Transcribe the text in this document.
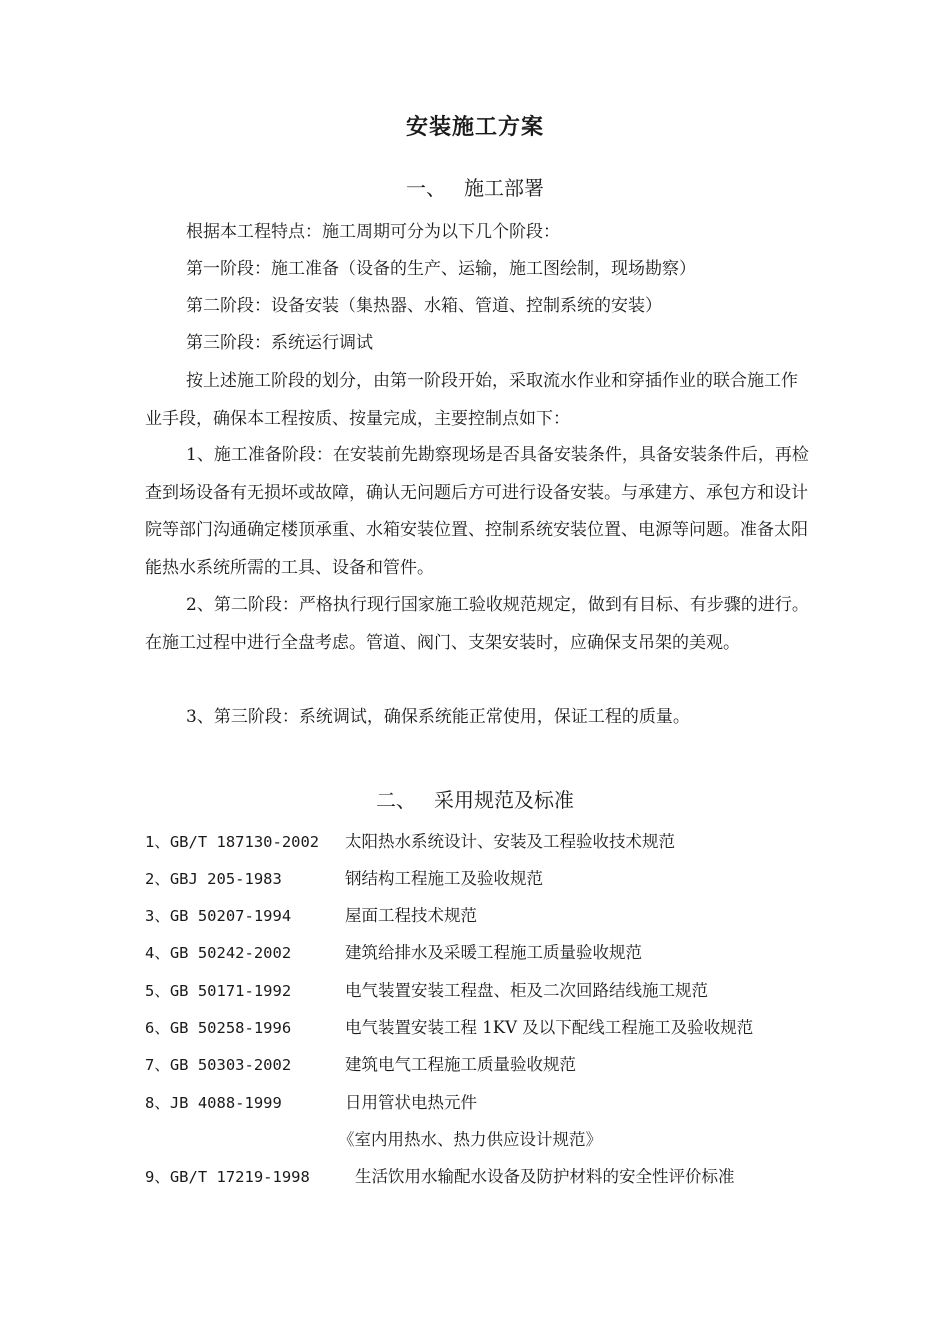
安装施工方案
一、 施工部署
根据本工程特点：施工周期可分为以下几个阶段：
第一阶段：施工准备（设备的生产、运输，施工图绘制，现场勘察）
第二阶段：设备安装（集热器、水箱、管道、控制系统的安装）
第三阶段：系统运行调试

按上述施工阶段的划分，由第一阶段开始，采取流水作业和穿插作业的联合施工作业手段，确保本工程按质、按量完成，主要控制点如下：

1、施工准备阶段：在安装前先勘察现场是否具备安装条件，具备安装条件后，再检查到场设备有无损坏或故障，确认无问题后方可进行设备安装。与承建方、承包方和设计院等部门沟通确定楼顶承重、水箱安装位置、控制系统安装位置、电源等问题。准备太阳能热水系统所需的工具、设备和管件。

2、第二阶段：严格执行现行国家施工验收规范规定，做到有目标、有步骤的进行。在施工过程中进行全盘考虑。管道、阀门、支架安装时，应确保支吊架的美观。

3、第三阶段：系统调试，确保系统能正常使用，保证工程的质量。

二、 采用规范及标准
1、GB/T 187130-2002 太阳热水系统设计、安装及工程验收技术规范
2、GBJ 205-1983	钢结构工程施工及验收规范
3、GB 50207-1994	屋面工程技术规范
4、GB 50242-2002	建筑给排水及采暖工程施工质量验收规范
5、GB 50171-1992	电气装置安装工程盘、柜及二次回路结线施工规范
6、GB 50258-1996	电气装置安装工程 1KV 及以下配线工程施工及验收规范
7、GB 50303-2002	建筑电气工程施工质量验收规范
8、JB 4088-1999	日用管状电热元件
《室内用热水、热力供应设计规范》
9、GB/T 17219-1998	生活饮用水输配水设备及防护材料的安全性评价标准
